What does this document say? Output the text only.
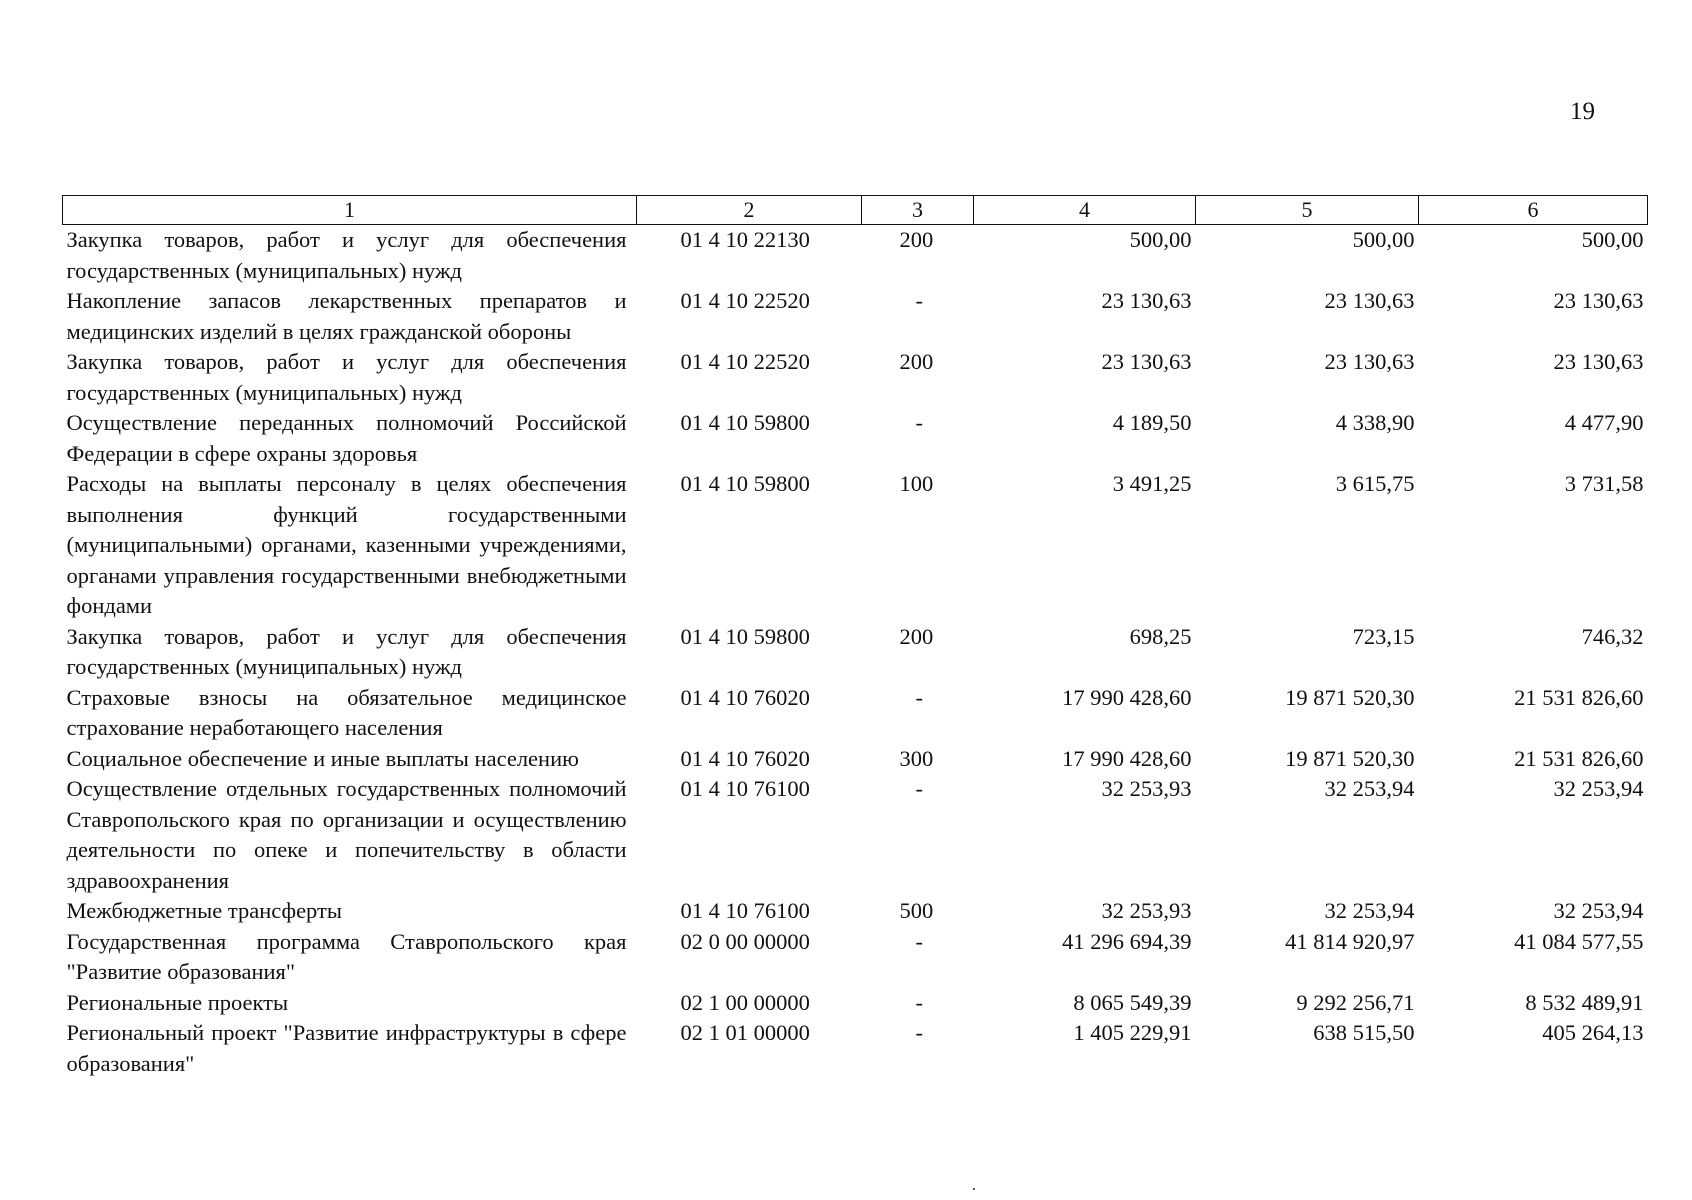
19
1	2	3	4	5	6
Закупка товаров, работ и услуг для обеспечения государственных (муниципальных) нужд	01 4 10 22130	200	500,00	500,00	500,00
Накопление запасов лекарственных препаратов и медицинских изделий в целях гражданской обороны	01 4 10 22520	-	23 130,63	23 130,63	23 130,63
Закупка товаров, работ и услуг для обеспечения государственных (муниципальных) нужд	01 4 10 22520	200	23 130,63	23 130,63	23 130,63
Осуществление переданных полномочий Российской Федерации в сфере охраны здоровья	01 4 10 59800	-	4 189,50	4 338,90	4 477,90
Расходы на выплаты персоналу в целях обеспечения выполнения функций государственными (муниципальными) органами, казенными учреждениями, органами управления государственными внебюджетными фондами	01 4 10 59800	100	3 491,25	3 615,75	3 731,58
Закупка товаров, работ и услуг для обеспечения государственных (муниципальных) нужд	01 4 10 59800	200	698,25	723,15	746,32
Страховые взносы на обязательное медицинское страхование неработающего населения	01 4 10 76020	-	17 990 428,60	19 871 520,30	21 531 826,60
Социальное обеспечение и иные выплаты населению	01 4 10 76020	300	17 990 428,60	19 871 520,30	21 531 826,60
Осуществление отдельных государственных полномочий Ставропольского края по организации и осуществлению деятельности по опеке и попечительству в области здравоохранения	01 4 10 76100	-	32 253,93	32 253,94	32 253,94
Межбюджетные трансферты	01 4 10 76100	500	32 253,93	32 253,94	32 253,94
Государственная программа Ставропольского края "Развитие образования"	02 0 00 00000	-	41 296 694,39	41 814 920,97	41 084 577,55
Региональные проекты	02 1 00 00000	-	8 065 549,39	9 292 256,71	8 532 489,91
Региональный проект "Развитие инфраструктуры в сфере образования"	02 1 01 00000	-	1 405 229,91	638 515,50	405 264,13
